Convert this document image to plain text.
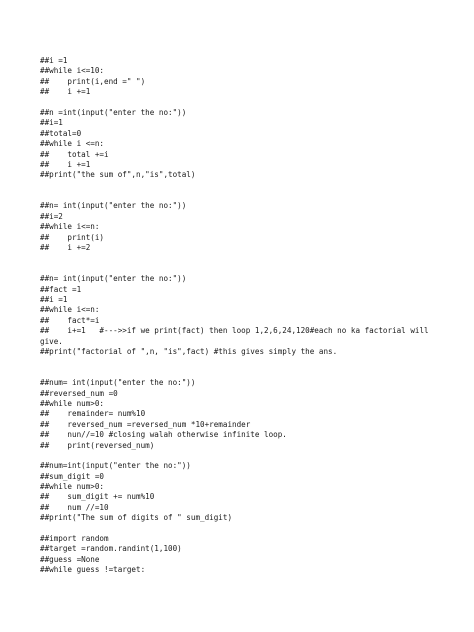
##i =1
##while i<=10:
##    print(i,end =" ")
##    i +=1
##n =int(input("enter the no:"))
##i=1
##total=0
##while i <=n:
##    total +=i
##    i +=1
##print("the sum of",n,"is",total)
##n= int(input("enter the no:"))
##i=2
##while i<=n:
##    print(i)
##    i +=2
##n= int(input("enter the no:"))
##fact =1
##i =1
##while i<=n:
##    fact*=i
##    i+=1   #--->>if we print(fact) then loop 1,2,6,24,120#each no ka factorial will give.
##print("factorial of ",n, "is",fact) #this gives simply the ans.
##num= int(input("enter the no:"))
##reversed_num =0
##while num>0:
##    remainder= num%10
##    reversed_num =reversed_num *10+remainder
##    nun//=10 #closing walah otherwise infinite loop.
##    print(reversed_num)
##num=int(input("enter the no:"))
##sum_digit =0
##while num>0:
##    sum_digit += num%10
##    num //=10
##print("The sum of digits of " sum_digit)
##import random
##target =random.randint(1,100)
##guess =None
##while guess !=target:
